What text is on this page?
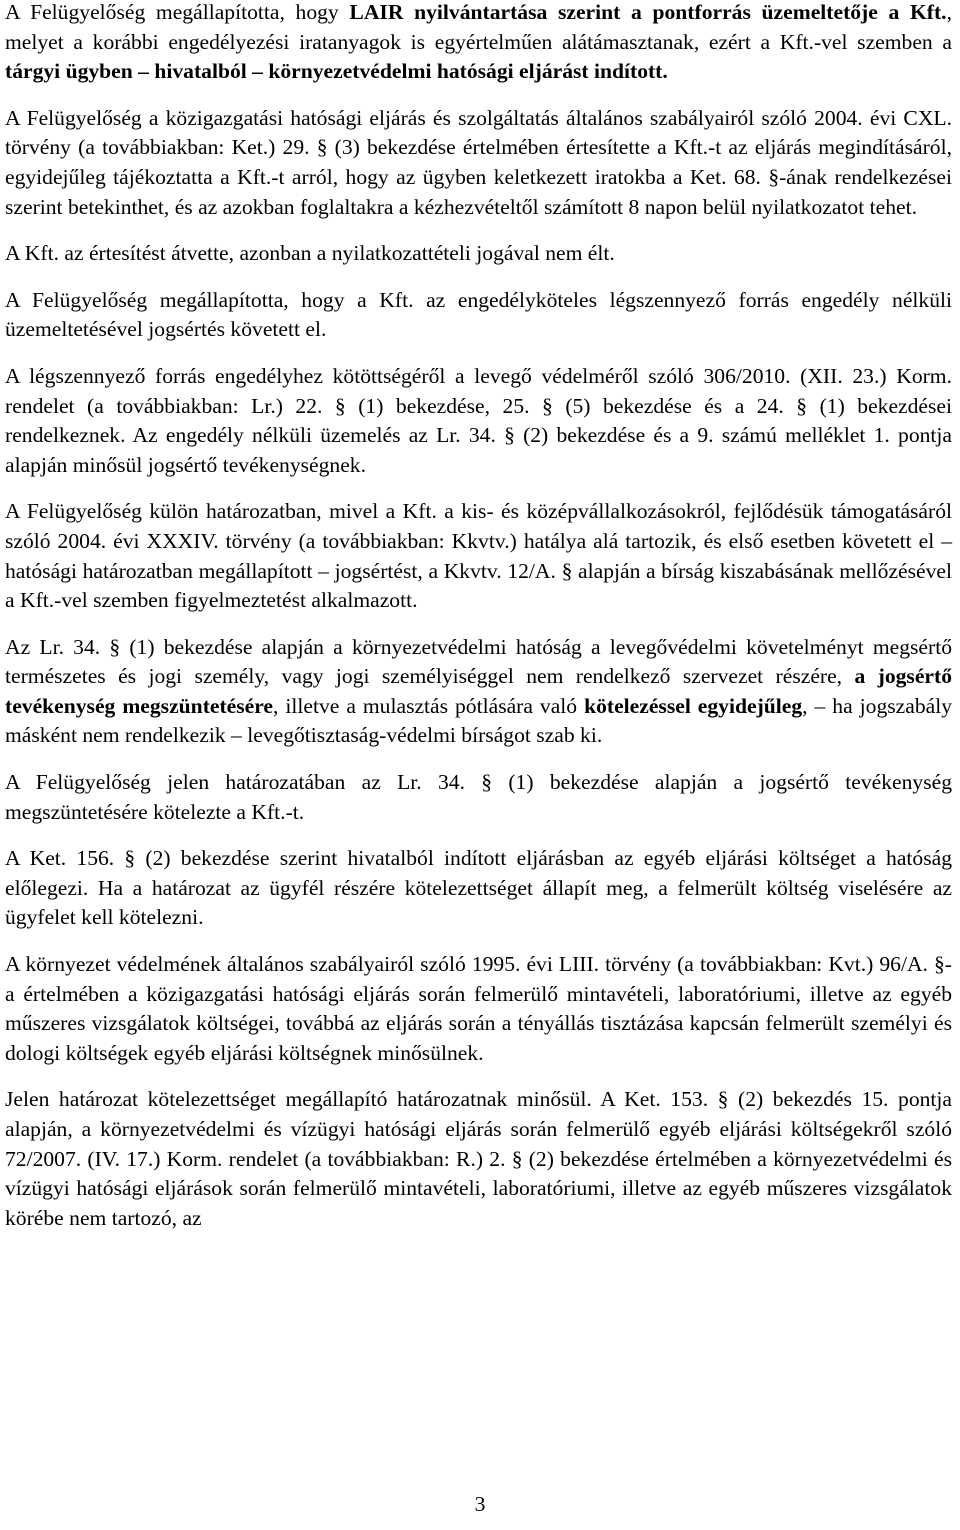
A Felügyelőség megállapította, hogy LAIR nyilvántartása szerint a pontforrás üzemeltetője a Kft., melyet a korábbi engedélyezési iratanyagok is egyértelműen alátámasztanak, ezért a Kft.-vel szemben a tárgyi ügyben – hivatalból – környezetvédelmi hatósági eljárást indított.

A Felügyelőség a közigazgatási hatósági eljárás és szolgáltatás általános szabályairól szóló 2004. évi CXL. törvény (a továbbiakban: Ket.) 29. § (3) bekezdése értelmében értesítette a Kft.-t az eljárás megindításáról, egyidejűleg tájékoztatta a Kft.-t arról, hogy az ügyben keletkezett iratokba a Ket. 68. §-ának rendelkezései szerint betekinthet, és az azokban foglaltakra a kézhezvételtől számított 8 napon belül nyilatkozatot tehet.

A Kft. az értesítést átvette, azonban a nyilatkozattételi jogával nem élt.

A Felügyelőség megállapította, hogy a Kft. az engedélyköteles légszennyező forrás engedély nélküli üzemeltetésével jogsértés követett el.

A légszennyező forrás engedélyhez kötöttségéről a levegő védelméről szóló 306/2010. (XII. 23.) Korm. rendelet (a továbbiakban: Lr.) 22. § (1) bekezdése, 25. § (5) bekezdése és a 24. § (1) bekezdései rendelkeznek. Az engedély nélküli üzemelés az Lr. 34. § (2) bekezdése és a 9. számú melléklet 1. pontja alapján minősül jogsértő tevékenységnek.

A Felügyelőség külön határozatban, mivel a Kft. a kis- és középvállalkozásokról, fejlődésük támogatásáról szóló 2004. évi XXXIV. törvény (a továbbiakban: Kkvtv.) hatálya alá tartozik, és első esetben követett el – hatósági határozatban megállapított – jogsértést, a Kkvtv. 12/A. § alapján a bírság kiszabásának mellőzésével a Kft.-vel szemben figyelmeztetést alkalmazott.

Az Lr. 34. § (1) bekezdése alapján a környezetvédelmi hatóság a levegővédelmi követelményt megsértő természetes és jogi személy, vagy jogi személyiséggel nem rendelkező szervezet részére, a jogsértő tevékenység megszüntetésére, illetve a mulasztás pótlására való kötelezéssel egyidejűleg, – ha jogszabály másként nem rendelkezik – levegőtisztaság-védelmi bírságot szab ki.

A Felügyelőség jelen határozatában az Lr. 34. § (1) bekezdése alapján a jogsértő tevékenység megszüntetésére kötelezte a Kft.-t.

A Ket. 156. § (2) bekezdése szerint hivatalból indított eljárásban az egyéb eljárási költséget a hatóság előlegezi. Ha a határozat az ügyfél részére kötelezettséget állapít meg, a felmerült költség viselésére az ügyfelet kell kötelezni.

A környezet védelmének általános szabályairól szóló 1995. évi LIII. törvény (a továbbiakban: Kvt.) 96/A. §-a értelmében a közigazgatási hatósági eljárás során felmerülő mintavételi, laboratóriumi, illetve az egyéb műszeres vizsgálatok költségei, továbbá az eljárás során a tényállás tisztázása kapcsán felmerült személyi és dologi költségek egyéb eljárási költségnek minősülnek.

Jelen határozat kötelezettséget megállapító határozatnak minősül. A Ket. 153. § (2) bekezdés 15. pontja alapján, a környezetvédelmi és vízügyi hatósági eljárás során felmerülő egyéb eljárási költségekről szóló 72/2007. (IV. 17.) Korm. rendelet (a továbbiakban: R.) 2. § (2) bekezdése értelmében a környezetvédelmi és vízügyi hatósági eljárások során felmerülő mintavételi, laboratóriumi, illetve az egyéb műszeres vizsgálatok körébe nem tartozó, az

3
